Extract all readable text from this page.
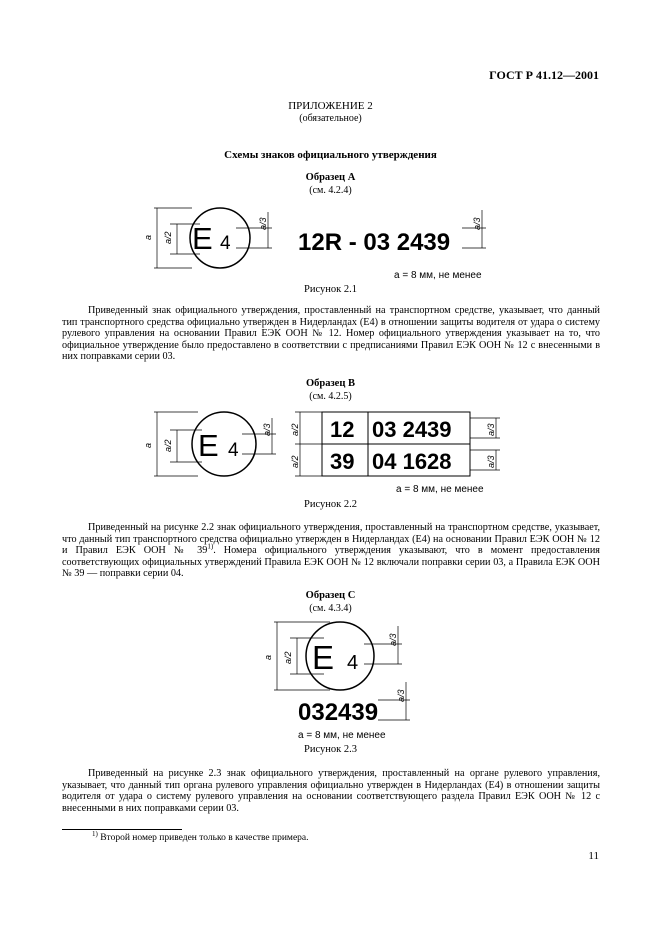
ГОСТ Р 41.12—2001
ПРИЛОЖЕНИЕ 2
(обязательное)
Схемы знаков официального утверждения
Образец А
(см. 4.2.4)
a a/2 E 4
a/3
12R - 03 2439
a/3
a = 8 мм, не менее
Рисунок 2.1
Приведенный знак официального утверждения, проставленный на транспортном средстве, указывает, что данный тип транспортного средства официально утвержден в Нидерландах (E4) в отношении защиты водителя от удара о систему рулевого управления на основании Правил ЕЭК ООН № 12. Номер официального утверждения указывает на то, что официальное утверждение было предоставлено в соответствии с предписаниями Правил ЕЭК ООН № 12 с внесенными в них поправками серии 03.
Образец В
(см. 4.2.5)
a a/2 E 4
a/3 a/2
a/2
12 03 2439
39 04 1628
a/3
a/3
a = 8 мм, не менее
Рисунок 2.2
Приведенный на рисунке 2.2 знак официального утверждения, проставленный на транспортном средстве, указывает, что данный тип транспортного средства официально утвержден в Нидерландах (E4) на основании Правил ЕЭК ООН № 12 и Правил ЕЭК ООН № 39$^{1)}$. Номера официального утверждения указывают, что в момент предоставления соответствующих официальных утверждений Правила ЕЭК ООН № 12 включали поправки серии 03, а Правила ЕЭК ООН № 39 — поправки серии 04.
Образец С
(см. 4.3.4)
a a/2 E 4
a/3
032439
a/3
a = 8 мм, не менее
Рисунок 2.3
Приведенный на рисунке 2.3 знак официального утверждения, проставленный на органе рулевого управления, указывает, что данный тип органа рулевого управления официально утвержден в Нидерландах (E4) в отношении защиты водителя от удара о систему рулевого управления на основании соответствующего раздела Правил ЕЭК ООН № 12 с внесенными в них поправками серии 03.
$^{1)}$ Второй номер приведен только в качестве примера.
11
